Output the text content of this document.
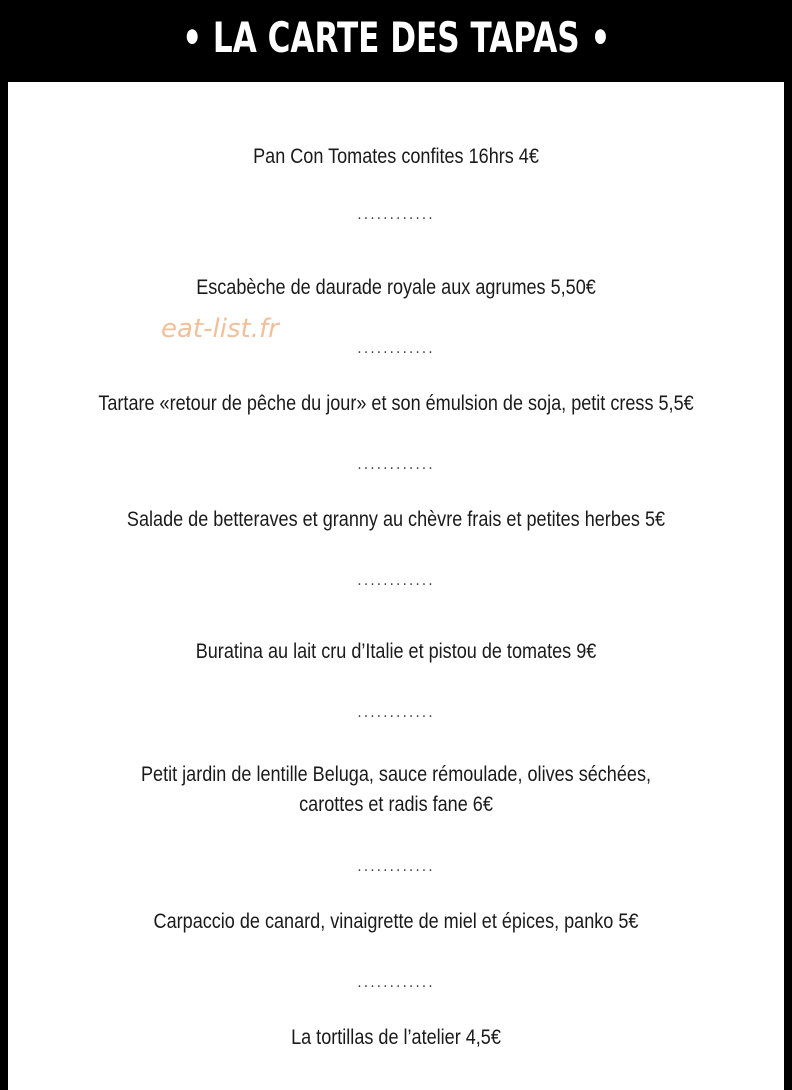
• LA CARTE DES TAPAS •
Pan Con Tomates confites 16hrs 4€
............
Escabèche de daurade royale aux agrumes 5,50€
eat-list.fr
............
Tartare «retour de pêche du jour» et son émulsion de soja, petit cress 5,5€
............
Salade de betteraves et granny au chèvre frais et petites herbes 5€
............
Buratina au lait cru d’Italie et pistou de tomates 9€
............
Petit jardin de lentille Beluga, sauce rémoulade, olives séchées,
carottes et radis fane 6€
............
Carpaccio de canard, vinaigrette de miel et épices, panko 5€
............
La tortillas de l’atelier 4,5€
